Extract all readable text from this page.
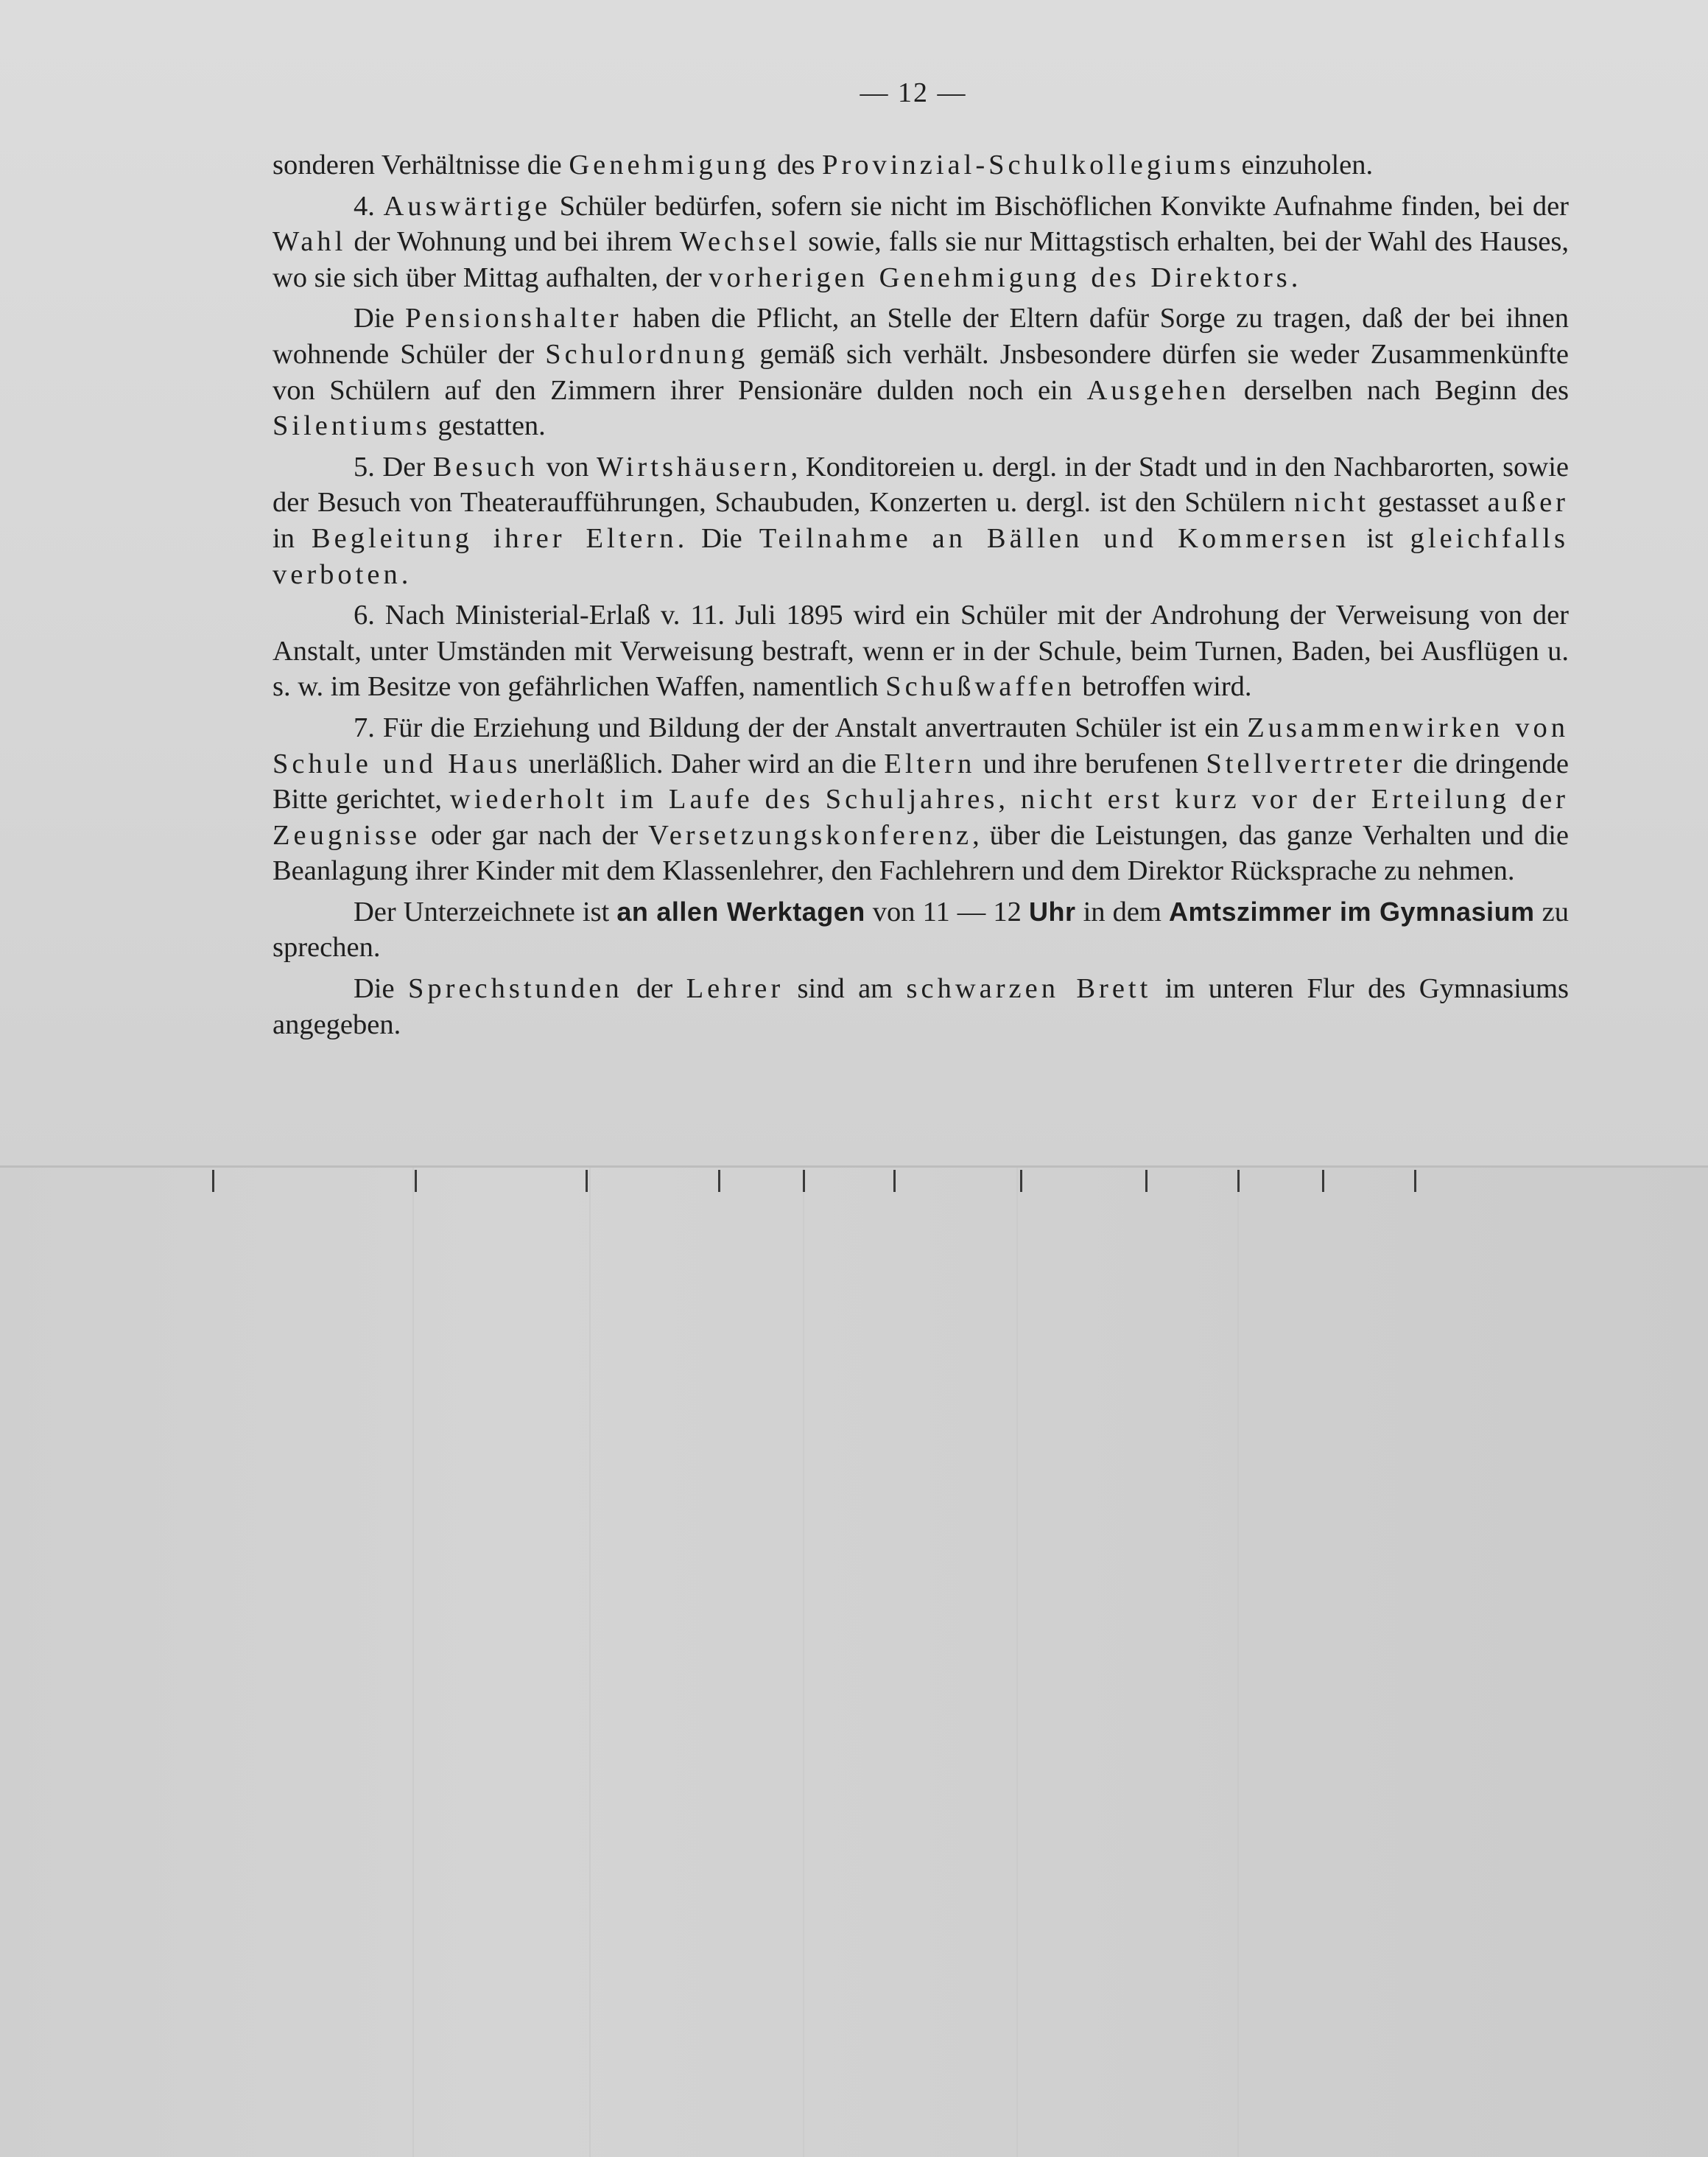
— 12 —

sonderen Verhältnisse die Genehmigung des Provinzial-Schulkollegiums einzuholen.

4. Auswärtige Schüler bedürfen, sofern sie nicht im Bischöflichen Konvikte Aufnahme finden, bei der Wahl der Wohnung und bei ihrem Wechsel sowie, falls sie nur Mittagstisch erhalten, bei der Wahl des Hauses, wo sie sich über Mittag aufhalten, der vorherigen Genehmigung des Direktors.

Die Pensionshalter haben die Pflicht, an Stelle der Eltern dafür Sorge zu tragen, daß der bei ihnen wohnende Schüler der Schulordnung gemäß sich verhält. Jnsbesondere dürfen sie weder Zusammenkünfte von Schülern auf den Zimmern ihrer Pensionäre dulden noch ein Ausgehen derselben nach Beginn des Silentiums gestatten.

5. Der Besuch von Wirtshäusern, Konditoreien u. dergl. in der Stadt und in den Nachbarorten, sowie der Besuch von Theateraufführungen, Schaubuden, Konzerten u. dergl. ist den Schülern nicht gestasset außer in Begleitung ihrer Eltern. Die Teilnahme an Bällen und Kommersen ist gleichfalls verboten.

6. Nach Ministerial-Erlaß v. 11. Juli 1895 wird ein Schüler mit der Androhung der Verweisung von der Anstalt, unter Umständen mit Verweisung bestraft, wenn er in der Schule, beim Turnen, Baden, bei Ausflügen u. s. w. im Besitze von gefährlichen Waffen, namentlich Schußwaffen betroffen wird.

7. Für die Erziehung und Bildung der der Anstalt anvertrauten Schüler ist ein Zusammenwirken von Schule und Haus unerläßlich. Daher wird an die Eltern und ihre berufenen Stellvertreter die dringende Bitte gerichtet, wiederholt im Laufe des Schuljahres, nicht erst kurz vor der Erteilung der Zeugnisse oder gar nach der Versetzungskonferenz, über die Leistungen, das ganze Verhalten und die Beanlagung ihrer Kinder mit dem Klassenlehrer, den Fachlehrern und dem Direktor Rücksprache zu nehmen.

Der Unterzeichnete ist an allen Werktagen von 11 — 12 Uhr in dem Amtszimmer im Gymnasium zu sprechen.

Die Sprechstunden der Lehrer sind am schwarzen Brett im unteren Flur des Gymnasiums angegeben.
